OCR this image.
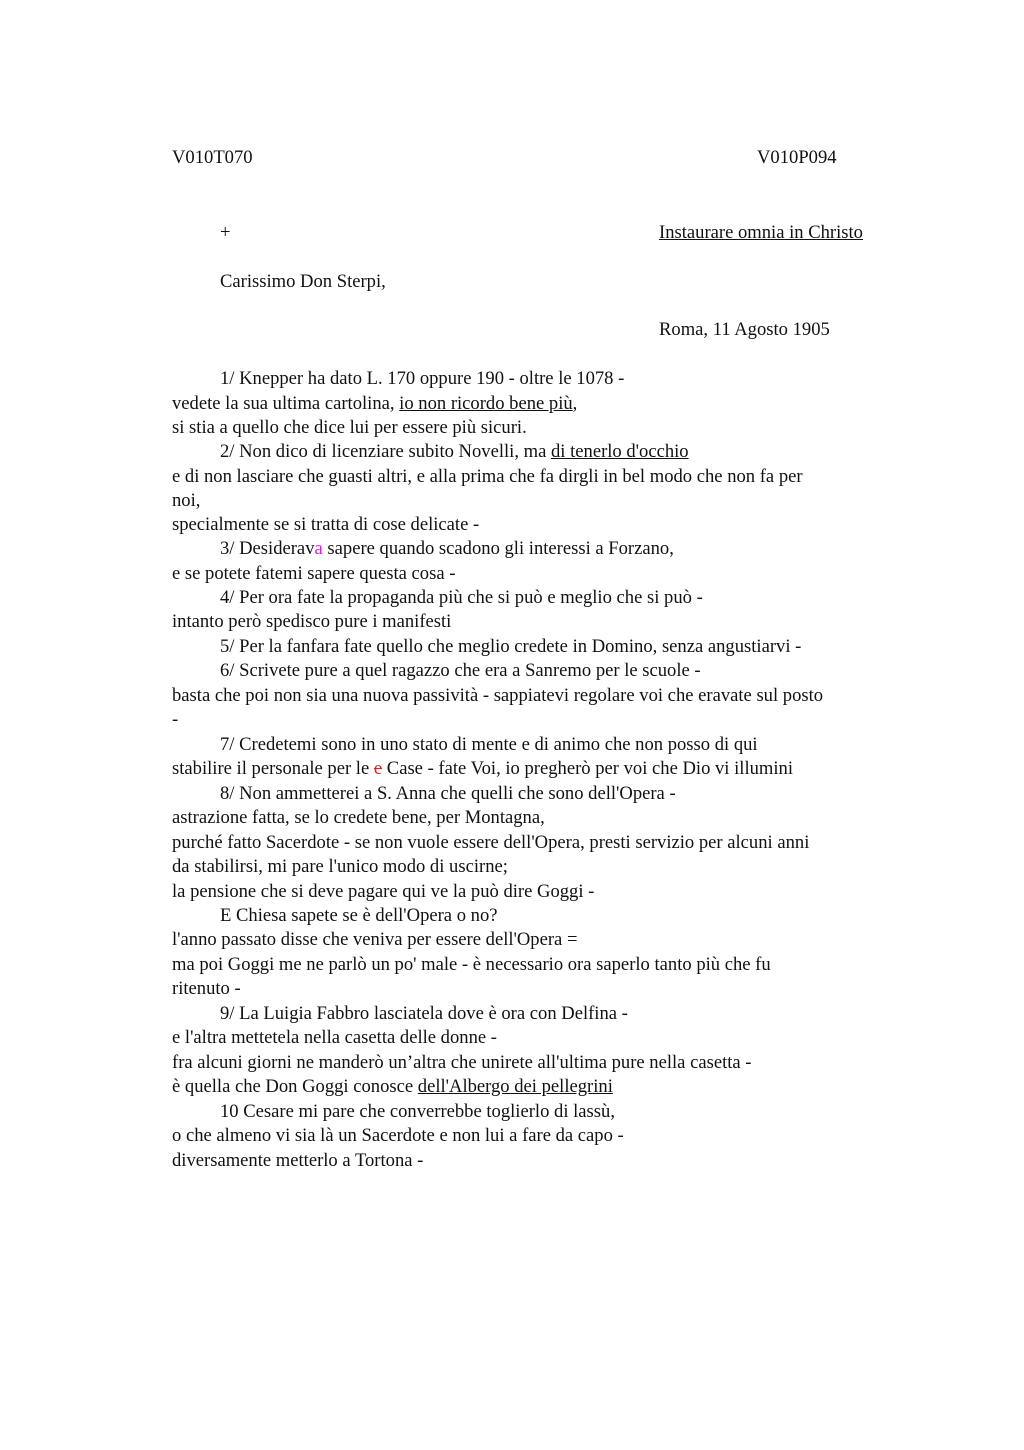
V010T070	V010P094
+	Instaurare omnia in Christo
Carissimo Don Sterpi,
Roma, 11 Agosto 1905
1/ Knepper ha dato L. 170 oppure 190 - oltre le 1078 -
vedete la sua ultima cartolina, io non ricordo bene più,
si stia a quello che dice lui per essere più sicuri.
2/ Non dico di licenziare subito Novelli, ma di tenerlo d'occhio
e di non lasciare che guasti altri, e alla prima che fa dirgli in bel modo che non fa per
noi,
specialmente se si tratta di cose delicate -
3/ Desiderava sapere quando scadono gli interessi a Forzano,
e se potete fatemi sapere questa cosa -
4/ Per ora fate la propaganda più che si può e meglio che si può -
intanto però spedisco pure i manifesti
5/ Per la fanfara fate quello che meglio credete in Domino, senza angustiarvi -
6/ Scrivete pure a quel ragazzo che era a Sanremo per le scuole -
basta che poi non sia una nuova passività - sappiatevi regolare voi che eravate sul posto
-
7/ Credetemi sono in uno stato di mente e di animo che non posso di qui
stabilire il personale per le e Case - fate Voi, io pregherò per voi che Dio vi illumini
8/ Non ammetterei a S. Anna che quelli che sono dell'Opera -
astrazione fatta, se lo credete bene, per Montagna,
purché fatto Sacerdote - se non vuole essere dell'Opera, presti servizio per alcuni anni
da stabilirsi, mi pare l'unico modo di uscirne;
la pensione che si deve pagare qui ve la può dire Goggi -
E Chiesa sapete se è dell'Opera o no?
l'anno passato disse che veniva per essere dell'Opera =
ma poi Goggi me ne parlò un po' male - è necessario ora saperlo tanto più che fu
ritenuto -
9/ La Luigia Fabbro lasciatela dove è ora con Delfina -
e l'altra mettetela nella casetta delle donne -
fra alcuni giorni ne manderò un’altra che unirete all'ultima pure nella casetta -
è quella che Don Goggi conosce dell'Albergo dei pellegrini
10 Cesare mi pare che converrebbe toglierlo di lassù,
o che almeno vi sia là un Sacerdote e non lui a fare da capo -
diversamente metterlo a Tortona -
